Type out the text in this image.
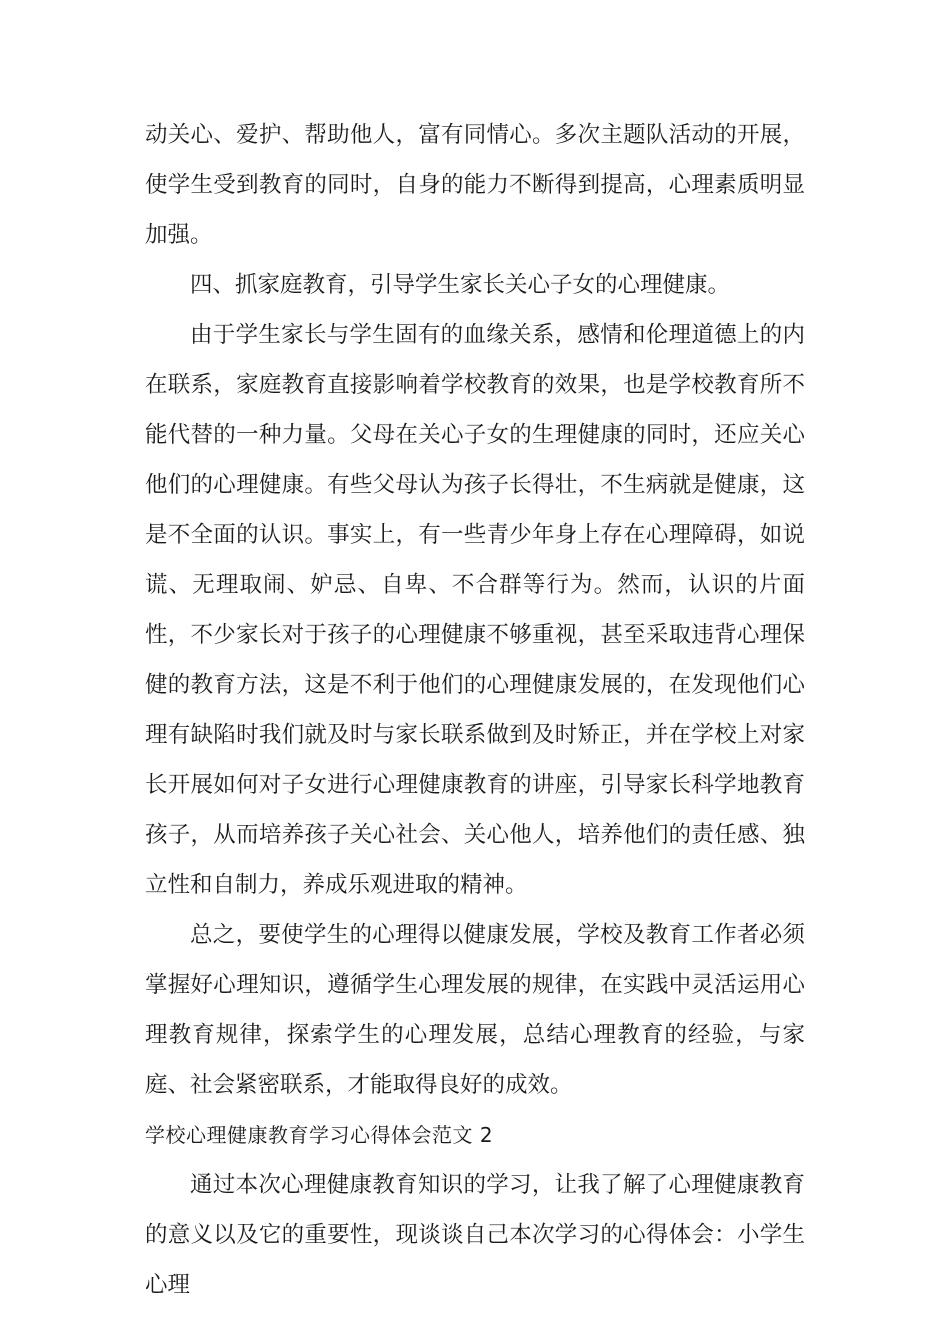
动关心、爱护、帮助他人，富有同情心。多次主题队活动的开展，使学生受到教育的同时，自身的能力不断得到提高，心理素质明显加强。

四、抓家庭教育，引导学生家长关心子女的心理健康。

由于学生家长与学生固有的血缘关系，感情和伦理道德上的内在联系，家庭教育直接影响着学校教育的效果，也是学校教育所不能代替的一种力量。父母在关心子女的生理健康的同时，还应关心他们的心理健康。有些父母认为孩子长得壮，不生病就是健康，这是不全面的认识。事实上，有一些青少年身上存在心理障碍，如说谎、无理取闹、妒忌、自卑、不合群等行为。然而，认识的片面性，不少家长对于孩子的心理健康不够重视，甚至采取违背心理保健的教育方法，这是不利于他们的心理健康发展的，在发现他们心理有缺陷时我们就及时与家长联系做到及时矫正，并在学校上对家长开展如何对子女进行心理健康教育的讲座，引导家长科学地教育孩子，从而培养孩子关心社会、关心他人，培养他们的责任感、独立性和自制力，养成乐观进取的精神。

总之，要使学生的心理得以健康发展，学校及教育工作者必须掌握好心理知识，遵循学生心理发展的规律，在实践中灵活运用心理教育规律，探索学生的心理发展，总结心理教育的经验，与家庭、社会紧密联系，才能取得良好的成效。

学校心理健康教育学习心得体会范文 2

通过本次心理健康教育知识的学习，让我了解了心理健康教育的意义以及它的重要性，现谈谈自己本次学习的心得体会：小学生心理
